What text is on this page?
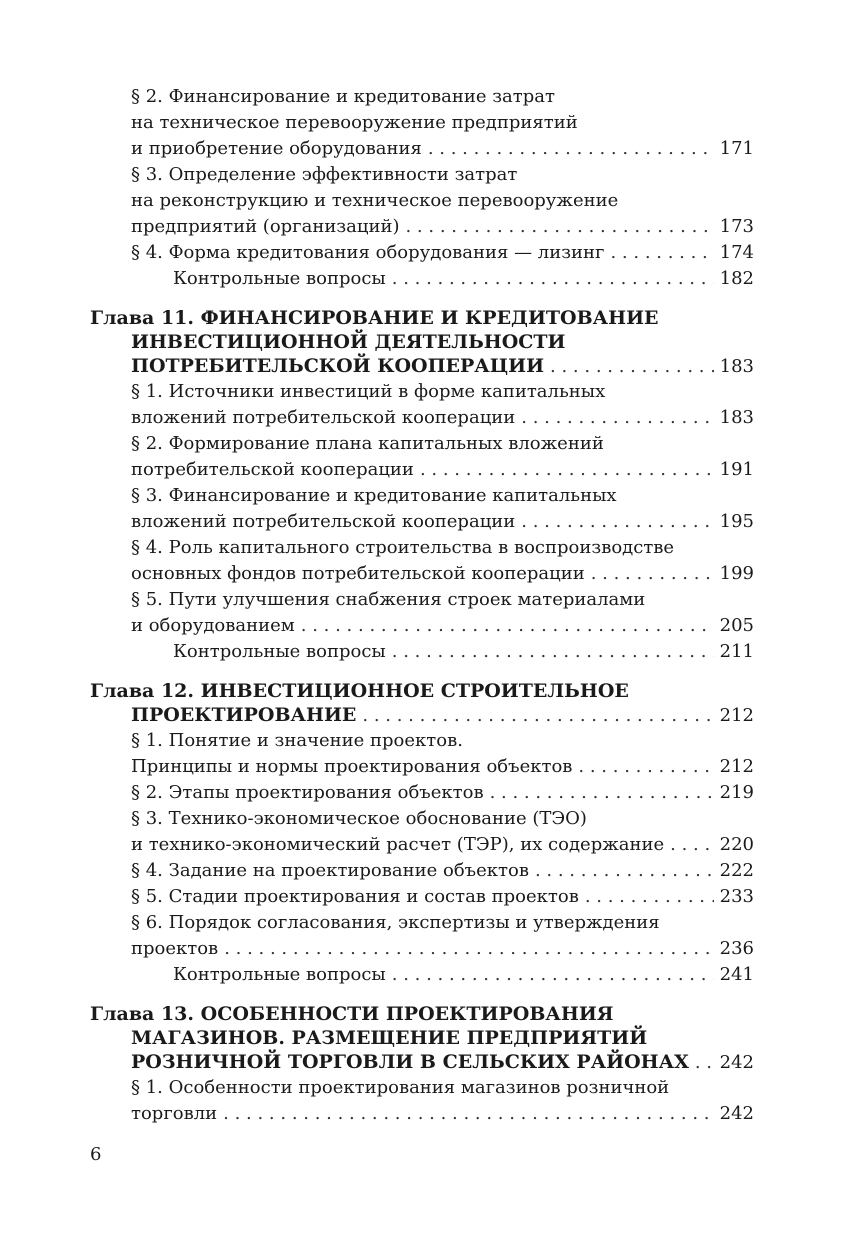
§ 2. Финансирование и кредитование затрат
на техническое перевооружение предприятий
и приобретение оборудования . . .	171
§ 3. Определение эффективности затрат
на реконструкцию и техническое перевооружение
предприятий (организаций) . . .	173
§ 4. Форма кредитования оборудования — лизинг . . .	174
Контрольные вопросы . . .	182
Глава 11. ФИНАНСИРОВАНИЕ И КРЕДИТОВАНИЕ
ИНВЕСТИЦИОННОЙ ДЕЯТЕЛЬНОСТИ
ПОТРЕБИТЕЛЬСКОЙ КООПЕРАЦИИ . . .	183
§ 1. Источники инвестиций в форме капитальных
вложений потребительской кооперации . . .	183
§ 2. Формирование плана капитальных вложений
потребительской кооперации . . .	191
§ 3. Финансирование и кредитование капитальных
вложений потребительской кооперации . . .	195
§ 4. Роль капитального строительства в воспроизводстве
основных фондов потребительской кооперации . . .	199
§ 5. Пути улучшения снабжения строек материалами
и оборудованием . . .	205
Контрольные вопросы . . .	211
Глава 12. ИНВЕСТИЦИОННОЕ СТРОИТЕЛЬНОЕ
ПРОЕКТИРОВАНИЕ . . .	212
§ 1. Понятие и значение проектов.
Принципы и нормы проектирования объектов . . .	212
§ 2. Этапы проектирования объектов . . .	219
§ 3. Технико-экономическое обоснование (ТЭО)
и технико-экономический расчет (ТЭР), их содержание . . .	220
§ 4. Задание на проектирование объектов . . .	222
§ 5. Стадии проектирования и состав проектов . . .	233
§ 6. Порядок согласования, экспертизы и утверждения
проектов . . .	236
Контрольные вопросы . . .	241
Глава 13. ОСОБЕННОСТИ ПРОЕКТИРОВАНИЯ
МАГАЗИНОВ. РАЗМЕЩЕНИЕ ПРЕДПРИЯТИЙ
РОЗНИЧНОЙ ТОРГОВЛИ В СЕЛЬСКИХ РАЙОНАХ . . . 242
§ 1. Особенности проектирования магазинов розничной
торговли . . .	242
6
